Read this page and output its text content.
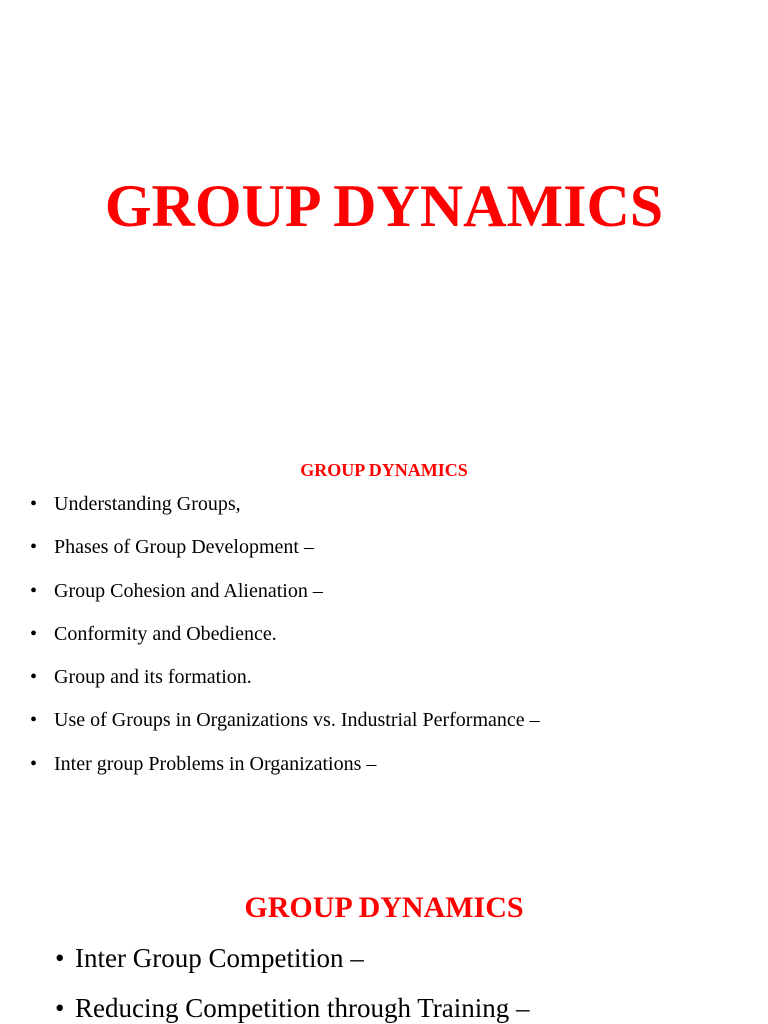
GROUP DYNAMICS
GROUP DYNAMICS
• Understanding Groups,
• Phases of Group Development –
• Group Cohesion and Alienation –
• Conformity and Obedience.
• Group and its formation.
• Use of Groups in Organizations vs. Industrial Performance –
• Inter group Problems in Organizations –
GROUP DYNAMICS
• Inter Group Competition –
• Reducing Competition through Training –
